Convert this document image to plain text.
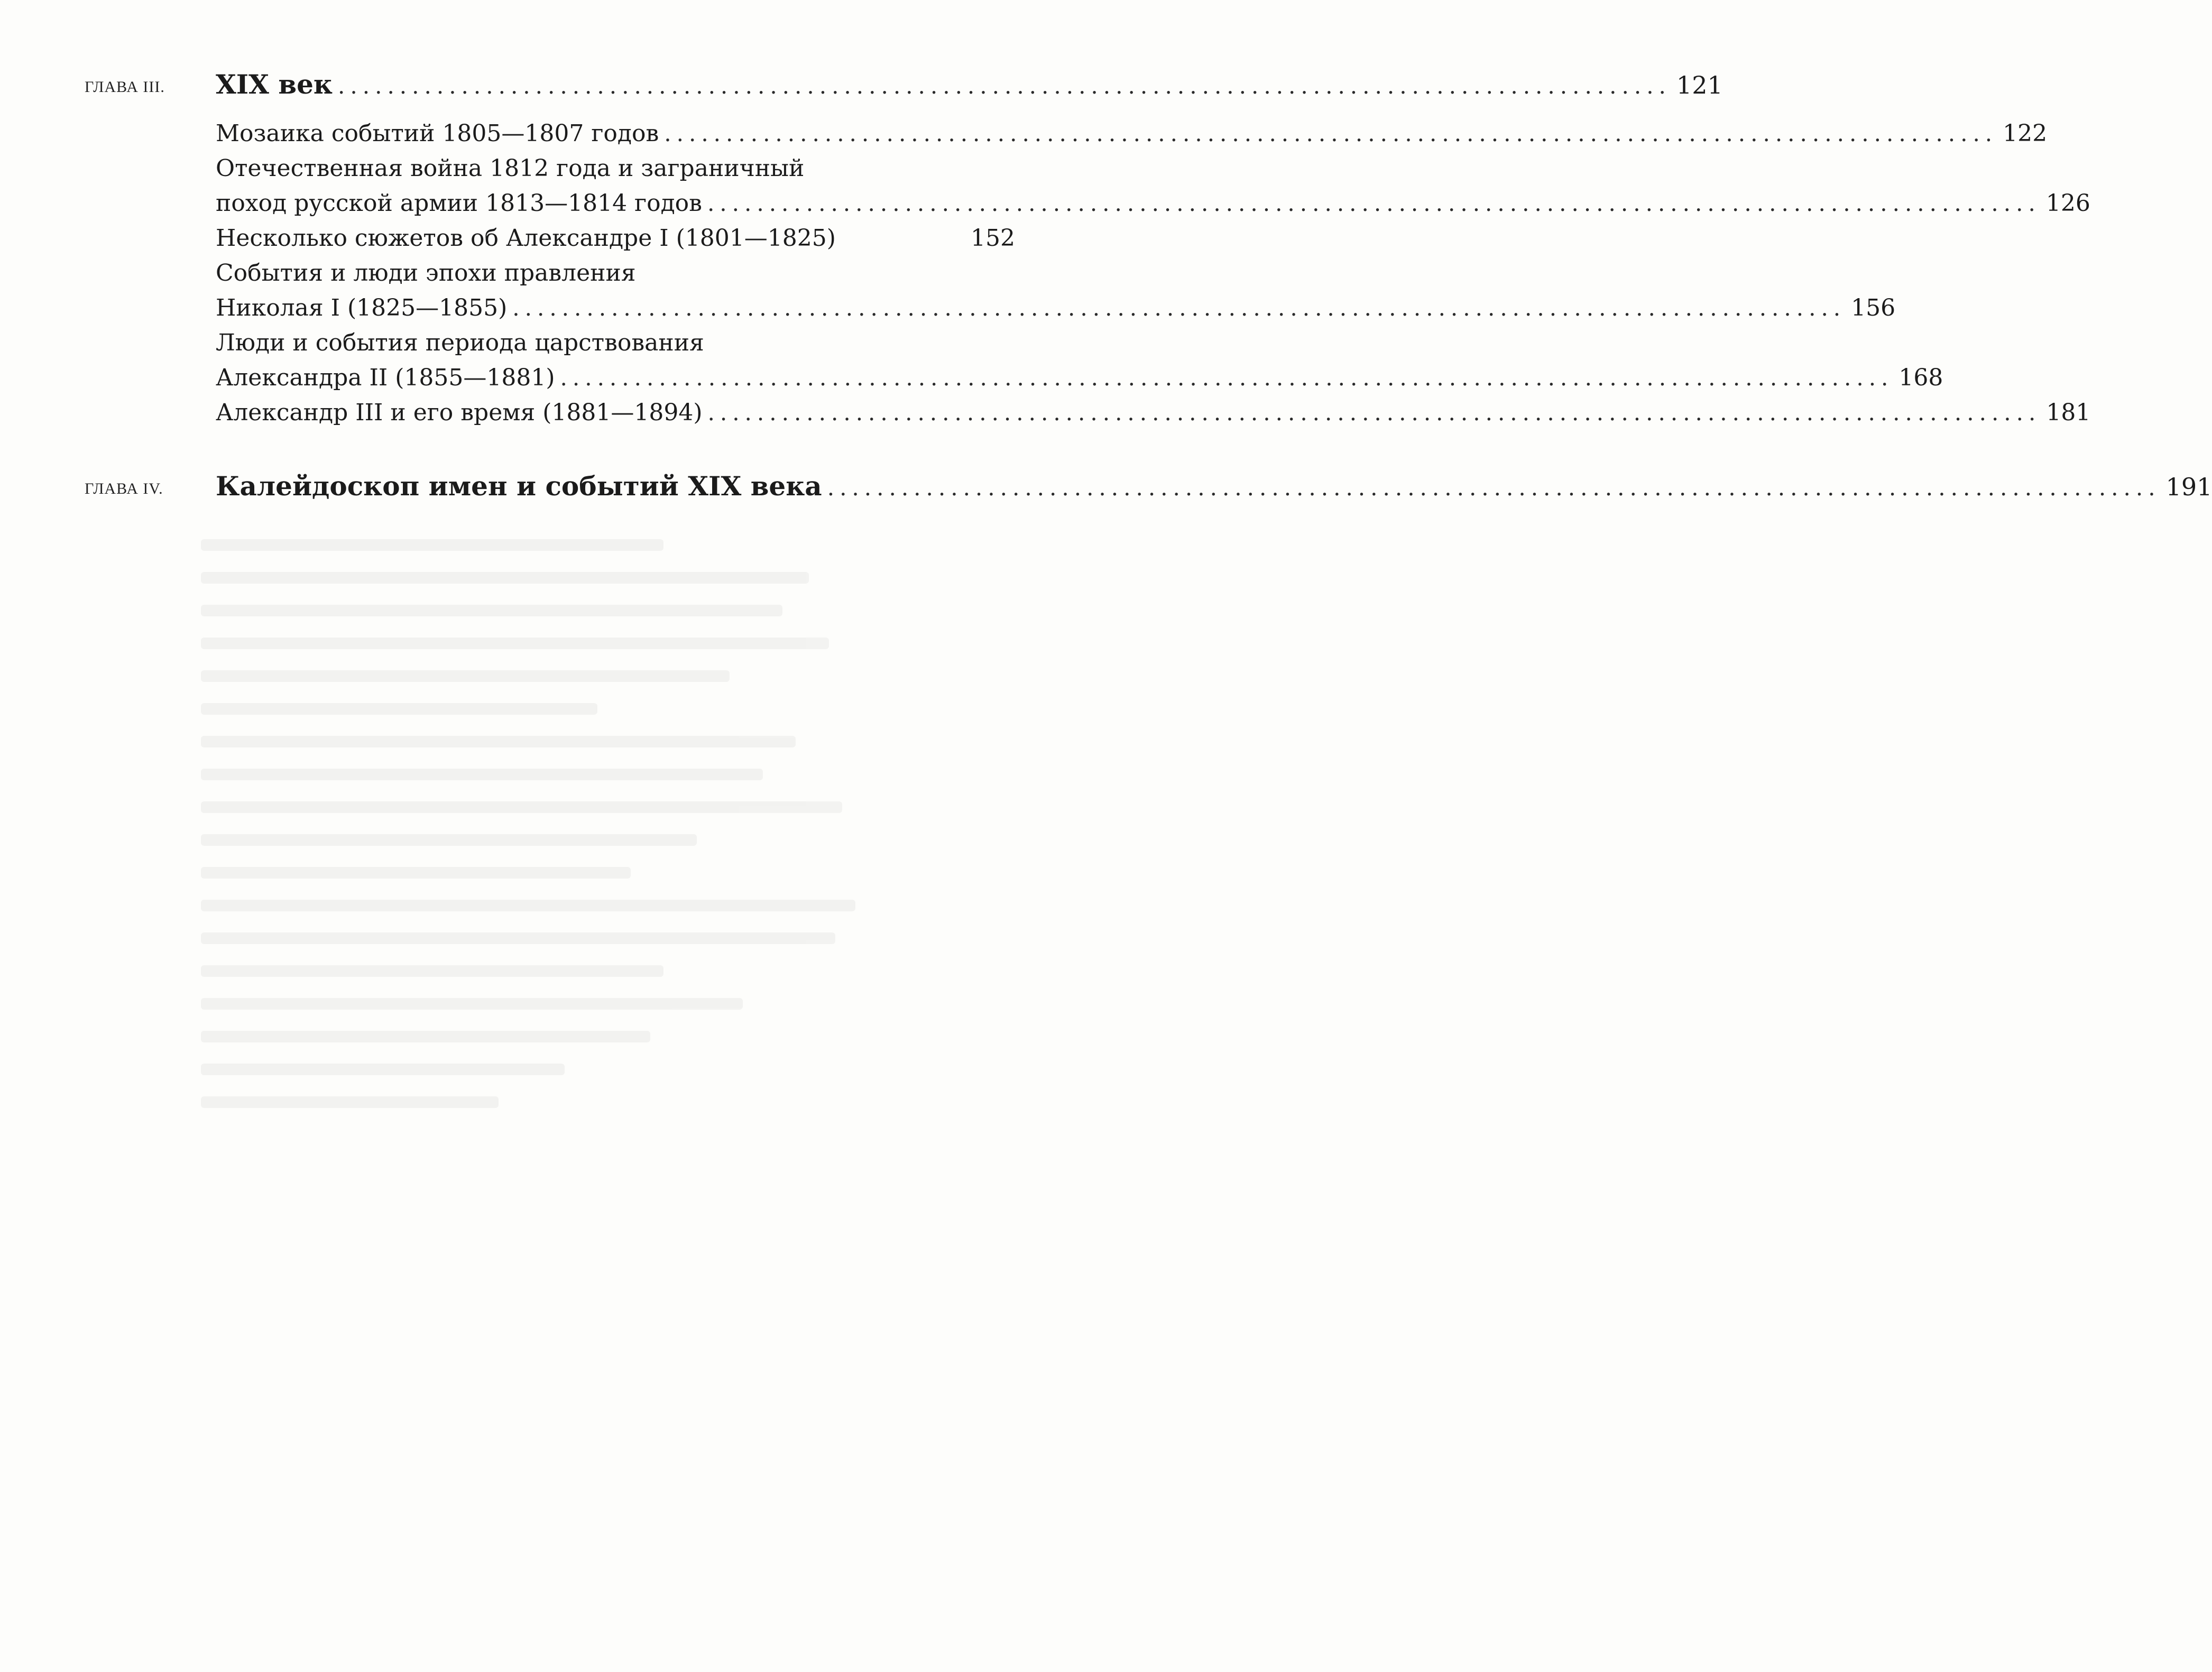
ГЛАВА III. XIX век ............................................................................................................ 121
Мозаика событий 1805—1807 годов ............................................................................................................ 122
Отечественная война 1812 года и заграничный
поход русской армии 1813—1814 годов ............................................................................................................ 126
Несколько сюжетов об Александре I (1801—1825)	152
События и люди эпохи правления
Николая I (1825—1855) ............................................................................................................ 156
Люди и события периода царствования
Александра II (1855—1881) ............................................................................................................ 168
Александр III и его время (1881—1894) ............................................................................................................ 181
ГЛАВА IV. Калейдоскоп имен и событий XIX века ............................................................................................................ 191
